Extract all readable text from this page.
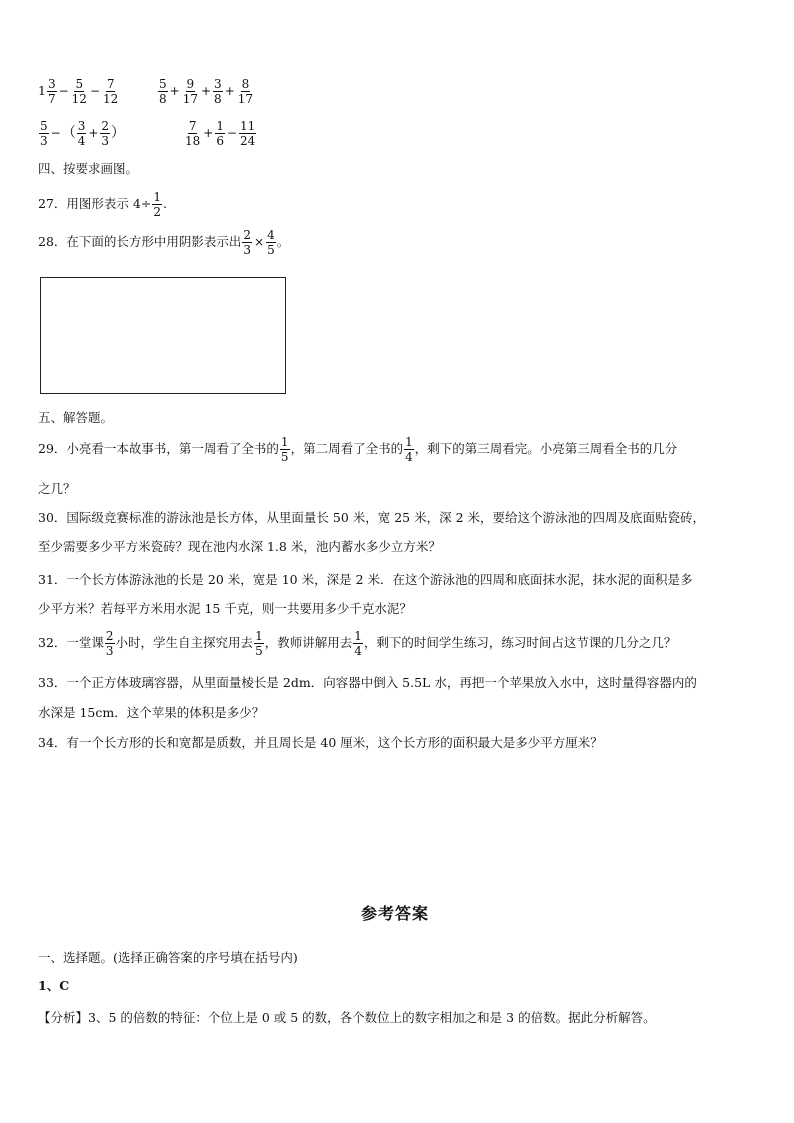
$1 \frac{3}{7} - \frac{5}{12} - \frac{7}{12}$	$\frac{5}{8} + \frac{9}{17} + \frac{3}{8} + \frac{8}{17}$
$\frac{5}{3}$ −（ $\frac{3}{4} + \frac{2}{3}$ ）	$\frac{7}{18} + \frac{1}{6} - \frac{11}{24}$
四、按要求画图。
27．用图形表示 $4\div \frac{1}{2}$ .
28．在下面的长方形中用阴影表示出 $\frac{2}{3} \times \frac{4}{5}$ 。
五、解答题。
29．小亮看一本故事书，第一周看了全书的 $\frac{1}{5}$ ，第二周看了全书的 $\frac{1}{4}$ ，剩下的第三周看完。小亮第三周看全书的几分
之几？
30．国际级竞赛标准的游泳池是长方体，从里面量长 50 米，宽 25 米，深 2 米，要给这个游泳池的四周及底面贴瓷砖，
至少需要多少平方米瓷砖？现在池内水深 1.8 米，池内蓄水多少立方米？
31．一个长方体游泳池的长是 20 米，宽是 10 米，深是 2 米．在这个游泳池的四周和底面抹水泥，抹水泥的面积是多
少平方米？若每平方米用水泥 15 千克，则一共要用多少千克水泥？
32．一堂课 $\frac{2}{3}$ 小时，学生自主探究用去 $\frac{1}{5}$ ，教师讲解用去 $\frac{1}{4}$ ，剩下的时间学生练习，练习时间占这节课的几分之几？
33．一个正方体玻璃容器，从里面量棱长是 2dm．向容器中倒入 5.5L 水，再把一个苹果放入水中，这时量得容器内的
水深是 15cm．这个苹果的体积是多少？
34．有一个长方形的长和宽都是质数，并且周长是 40 厘米，这个长方形的面积最大是多少平方厘米？
参考答案
一、选择题。(选择正确答案的序号填在括号内)
1、C
【分析】3、5 的倍数的特征：个位上是 0 或 5 的数，各个数位上的数字相加之和是 3 的倍数。据此分析解答。
